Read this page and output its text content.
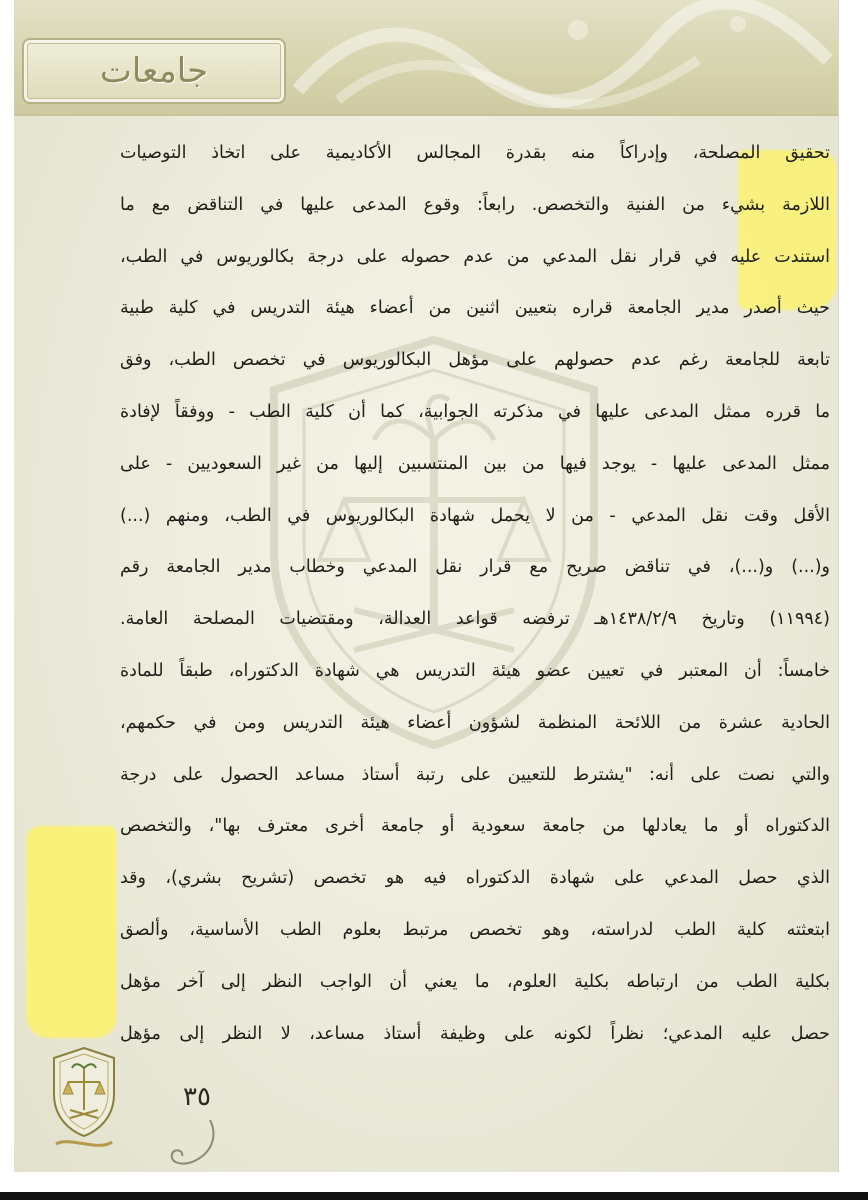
جامعات
تحقيق المصلحة، وإدراكاً منه بقدرة المجالس الأكاديمية على اتخاذ التوصيات
اللازمة بشيء من الفنية والتخصص. رابعاً: وقوع المدعى عليها في التناقض مع ما
استندت عليه في قرار نقل المدعي من عدم حصوله على درجة بكالوريوس في الطب،
حيث أصدر مدير الجامعة قراره بتعيين اثنين من أعضاء هيئة التدريس في كلية طبية
تابعة للجامعة رغم عدم حصولهم على مؤهل البكالوريوس في تخصص الطب، وفق
ما قرره ممثل المدعى عليها في مذكرته الجوابية، كما أن كلية الطب - ووفقاً لإفادة
ممثل المدعى عليها - يوجد فيها من بين المنتسبين إليها من غير السعوديين - على
الأقل وقت نقل المدعي - من لا يحمل شهادة البكالوريوس في الطب، ومنهم (...)
و(...) و(...)، في تناقض صريح مع قرار نقل المدعي وخطاب مدير الجامعة رقم
(١١٩٩٤) وتاريخ ١٤٣٨/٢/٩هـ ترفضه قواعد العدالة، ومقتضيات المصلحة العامة.
خامساً: أن المعتبر في تعيين عضو هيئة التدريس هي شهادة الدكتوراه، طبقاً للمادة
الحادية عشرة من اللائحة المنظمة لشؤون أعضاء هيئة التدريس ومن في حكمهم،
والتي نصت على أنه: "يشترط للتعيين على رتبة أستاذ مساعد الحصول على درجة
الدكتوراه أو ما يعادلها من جامعة سعودية أو جامعة أخرى معترف بها"، والتخصص
الذي حصل المدعي على شهادة الدكتوراه فيه هو تخصص (تشريح بشري)، وقد
ابتعثته كلية الطب لدراسته، وهو تخصص مرتبط بعلوم الطب الأساسية، وألصق
بكلية الطب من ارتباطه بكلية العلوم، ما يعني أن الواجب النظر إلى آخر مؤهل
حصل عليه المدعي؛ نظراً لكونه على وظيفة أستاذ مساعد، لا النظر إلى مؤهل
٣٥
